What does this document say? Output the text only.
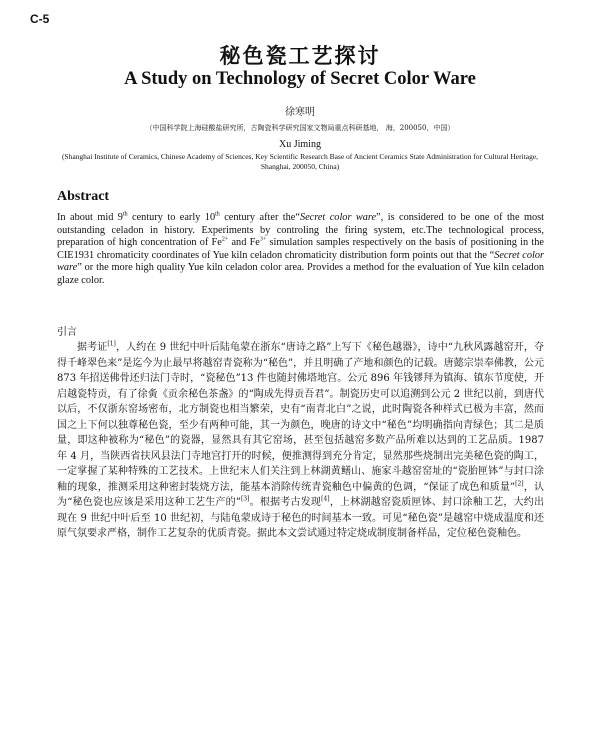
C-5
秘色瓷工艺探讨
A Study on Technology of Secret Color Ware
徐寒明
（中国科学院上海硅酸盐研究所，古陶瓷科学研究国家文物局重点科研基地， 海，200050，中国）
Xu Jiming
(Shanghai Institute of Ceramics, Chinese Academy of Sciences, Key Scientific Research Base of Ancient Ceramics State Administration for Cultural Heritage, Shanghai, 200050, China)
Abstract
In about mid 9th century to early 10th century after the“Secret color ware”, is considered to be one of the most outstanding celadon in history. Experiments by controling the firing system, etc.The technological process, preparation of high concentration of $Fe^{2+}$ and $Fe^{3+}$ simulation samples respectively on the basis of positioning in the CIE1931 chromaticity coordinates of Yue kiln celadon chromaticity distribution form points out that the “Secret color ware” or the more high quality Yue kiln celadon color area. Provides a method for the evaluation of Yue kiln celadon glaze color.
引言
据考证[1]，人约在 9 世纪中叶后陆龟蒙在浙东“唐诗之路”上写下《秘色越器》，诗中“九秋风露越窑开，夺得千峰翠色来”是迄今为止最早将越窑青瓷称为“秘色”，并且明确了产地和颜色的记载。唐懿宗崇奉佛教，公元 873 年招送佛骨还归法门寺时，“瓷秘色”13 件也随封佛塔地宫。公元 896 年钱镠拜为镇海、镇东节度使，开启越瓷特贡，有了徐夤《贡余秘色茶盏》的“陶成先得贡吾君”。制瓷历史可以追溯到公元 2 世纪以前，到唐代以后，不仅浙东窑场密布，北方制瓷也相当繁荣，史有“南青北白”之说，此时陶瓷各种样式已极为丰富，然而国之上下何以独尊秘色瓷，至少有两种可能，其一为颜色，晚唐的诗文中“秘色”均明确指向青绿色；其二是质量，即这种被称为“秘色”的瓷器，显然具有其它窑场，甚至包括越窑多数产品所难以达到的工艺品质。1987 年 4 月，当陕西省扶风县法门寺地宫打开的时候，便推测得到充分肯定，显然那些烧制出完美秘色瓷的陶工，一定掌握了某种特殊的工艺技术。上世纪末人们关注到上林湖黄鳝山、施家斗越窑窑址的“瓷胎匣钵”与封口涂釉的现象，推测采用这种密封装烧方法，能基本消除传统青瓷釉色中偏黄的色调，“保证了成色和质量”[2]，认为“秘色瓷也应该是采用这种工艺生产的”[3]。根据考古发现[4]，上林湖越窑瓷质匣钵、封口涂釉工艺，大约出现在 9 世纪中叶后至 10 世纪初，与陆龟蒙成诗于秘色的时间基本一致。可见“秘色瓷”是越窑中烧成温度和还原气氛要求严格，制作工艺复杂的优质青瓷。据此本文尝试通过特定烧成制度制备样品，定位秘色瓷釉色。
